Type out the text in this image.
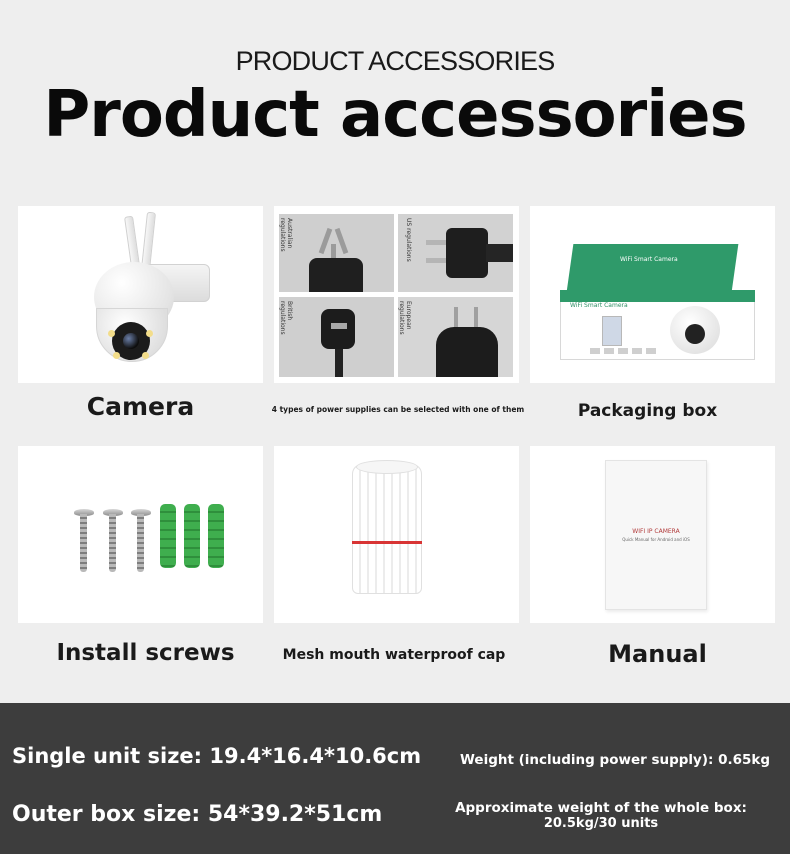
PRODUCT ACCESSORIES
Product accessories
Camera
Australian regulations	US regulations
British regulations	European regulations
4 types of power supplies can be selected with one of them
WiFi Smart Camera
WiFi Smart Camera
Packaging box
Install screws	Mesh mouth waterproof cap
WIFI IP CAMERA
Quick Manual for Android and iOS
Manual
Single unit size: 19.4*16.4*10.6cm
Outer box size: 54*39.2*51cm
Weight (including power supply): 0.65kg
Approximate weight of the whole box:
20.5kg/30 units
